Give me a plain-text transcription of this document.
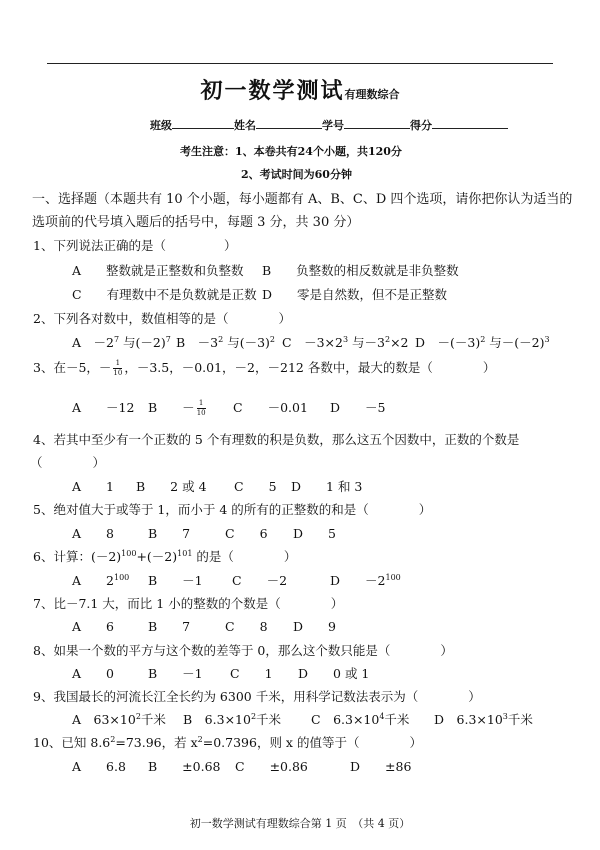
初一数学测试有理数综合
班级	姓名	学号	得分
考生注意：1、本卷共有24个小题，共120分
2、考试时间为60分钟
一、选择题（本题共有 10 个小题，每小题都有 A、B、C、D 四个选项，请你把你认为适当的
选项前的代号填入题后的括号中，每题 3 分，共 30 分）
1、下列说法正确的是（	）
A　　整数就是正整数和负整数 B　　负整数的相反数就是非负整数
C　　有理数中不是负数就是正数 D　　零是自然数，但不是正整数
2、下列各对数中，数值相等的是（　　　　）
A　$-2^7$ 与$(-2)^7$ B　$-3^2$ 与$(-3)^2$ C　$-3\times 2^3$ 与$-3^2\times 2$ D　$-(-3)^2$ 与$-(-2)^3$
3、在－5，－ $\frac{1}{10}$ ，－3.5，－0.01，－2，－212 各数中，最大的数是（　　　　）
A　　－12 B　　－ $\frac{1}{10}$ C　　－0.01 D　　－5
4、若其中至少有一个正数的 5 个有理数的积是负数，那么这五个因数中，正数的个数是
（　　　　）
A　　1 B　　2 或 4 C　　5 D　　1 和 3
5、绝对值大于或等于 1，而小于 4 的所有的正整数的和是（　　　　）
A　　8	B　　7	C　　6 D　　5
6、计算：$(-2)^{100}+(-2)^{101}$ 的是（　　　　）
A　　$2^{100}$ B　　－1 C　　－2	D　　$-2^{100}$
7、比－7.1 大，而比 1 小的整数的个数是（　　　　）
A　　6	B　　7	C　　8 D　　9
8、如果一个数的平方与这个数的差等于 0，那么这个数只能是（　　　　）
A　　0	B　　－1 C　　1 D　　0 或 1
9、我国最长的河流长江全长约为 6300 千米，用科学记数法表示为（　　　　）
A　$63\times 10^2$千米 B　$6.3\times 10^2$千米 C　$6.3\times 10^4$千米 D　$6.3\times 10^3$千米
10、已知 $8.6^2=73.96$，若 $x^2=0.7396$，则 x 的值等于（　　　　）
A　　6.8 B　　±0.68 C　　±0.86	D　　±86
初一数学测试有理数综合第 1 页　（共 4 页）
